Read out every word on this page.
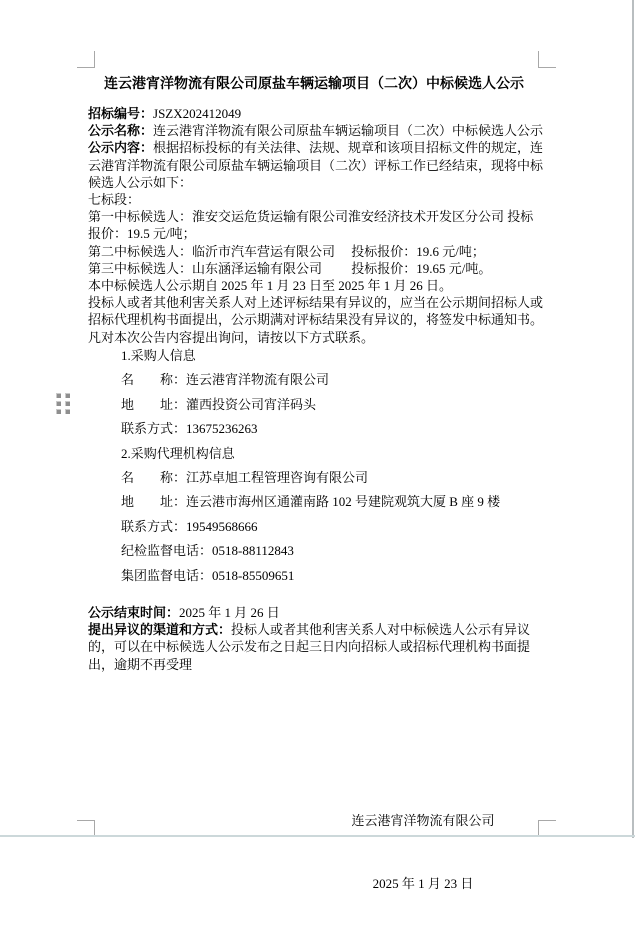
连云港宵洋物流有限公司原盐车辆运输项目（二次）中标候选人公示
招标编号：JSZX202412049
公示名称：连云港宵洋物流有限公司原盐车辆运输项目（二次）中标候选人公示
公示内容：根据招标投标的有关法律、法规、规章和该项目招标文件的规定，连
云港宵洋物流有限公司原盐车辆运输项目（二次）评标工作已经结束，现将中标
候选人公示如下：
七标段：
第一中标候选人：淮安交运危货运输有限公司淮安经济技术开发区分公司 投标
报价：19.5 元/吨；
第二中标候选人：临沂市汽车营运有限公司　 投标报价：19.6 元/吨；
第三中标候选人：山东涵泽运输有限公司　　 投标报价：19.65 元/吨。
本中标候选人公示期自 2025 年 1 月 23 日至 2025 年 1 月 26 日。
投标人或者其他利害关系人对上述评标结果有异议的，应当在公示期间招标人或
招标代理机构书面提出，公示期满对评标结果没有异议的，将签发中标通知书。
凡对本次公告内容提出询问，请按以下方式联系。
1.采购人信息
名　　称：连云港宵洋物流有限公司
地　　址：灌西投资公司宵洋码头
联系方式：13675236263
2.采购代理机构信息
名　　称：江苏卓旭工程管理咨询有限公司
地　　址：连云港市海州区通灌南路 102 号建院观筑大厦 B 座 9 楼
联系方式：19549568666
纪检监督电话：0518-88112843
集团监督电话：0518-85509651
公示结束时间：2025 年 1 月 26 日
提出异议的渠道和方式：投标人或者其他利害关系人对中标候选人公示有异议
的，可以在中标候选人公示发布之日起三日内向招标人或招标代理机构书面提
出，逾期不再受理

连云港宵洋物流有限公司

2025 年 1 月 23 日
